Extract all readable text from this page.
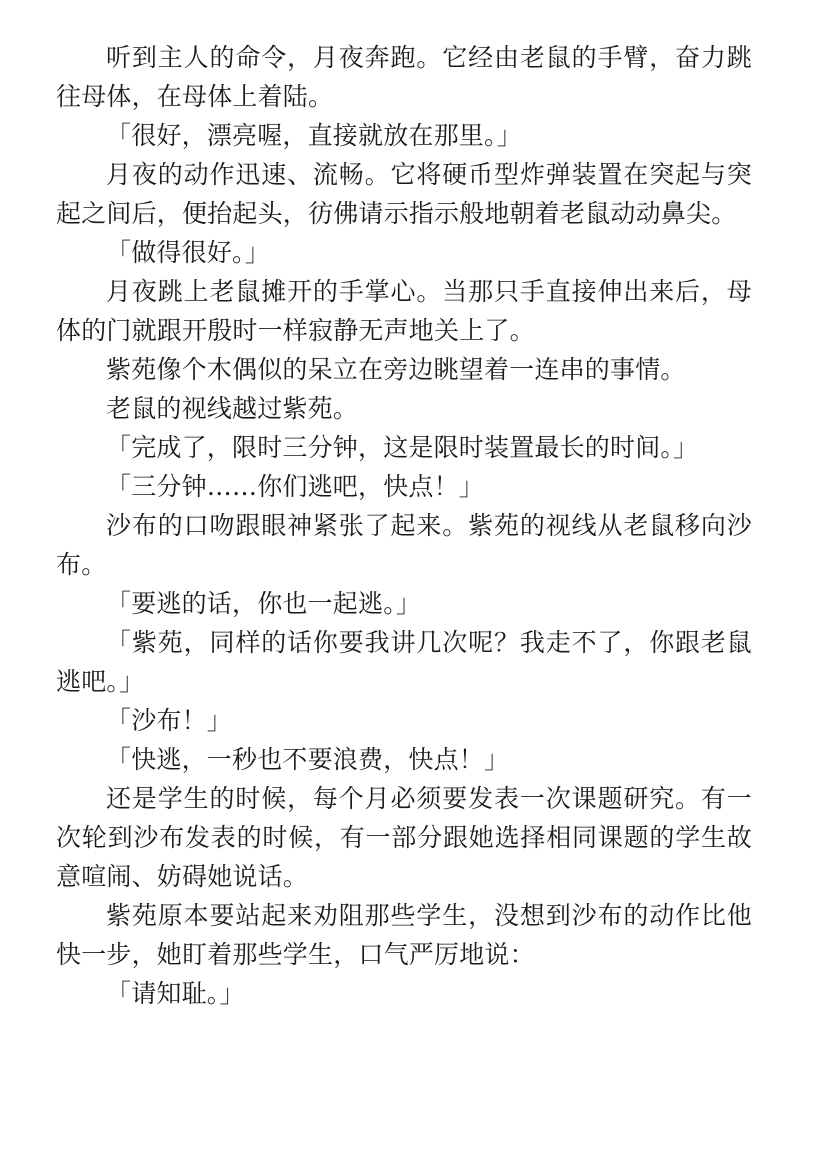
听到主人的命令，月夜奔跑。它经由老鼠的手臂，奋力跳往母体，在母体上着陆。

「很好，漂亮喔，直接就放在那里。」

月夜的动作迅速、流畅。它将硬币型炸弹装置在突起与突起之间后，便抬起头，彷佛请示指示般地朝着老鼠动动鼻尖。

「做得很好。」

月夜跳上老鼠摊开的手掌心。当那只手直接伸出来后，母体的门就跟开殷时一样寂静无声地关上了。

紫苑像个木偶似的呆立在旁边眺望着一连串的事情。

老鼠的视线越过紫苑。

「完成了，限时三分钟，这是限时装置最长的时间。」

「三分钟……你们逃吧，快点！」

沙布的口吻跟眼神紧张了起来。紫苑的视线从老鼠移向沙布。

「要逃的话，你也一起逃。」

「紫苑，同样的话你要我讲几次呢？我走不了，你跟老鼠逃吧。」

「沙布！」

「快逃，一秒也不要浪费，快点！」

还是学生的时候，每个月必须要发表一次课题研究。有一次轮到沙布发表的时候，有一部分跟她选择相同课题的学生故意喧闹、妨碍她说话。

紫苑原本要站起来劝阻那些学生，没想到沙布的动作比他快一步，她盯着那些学生，口气严厉地说：

「请知耻。」
